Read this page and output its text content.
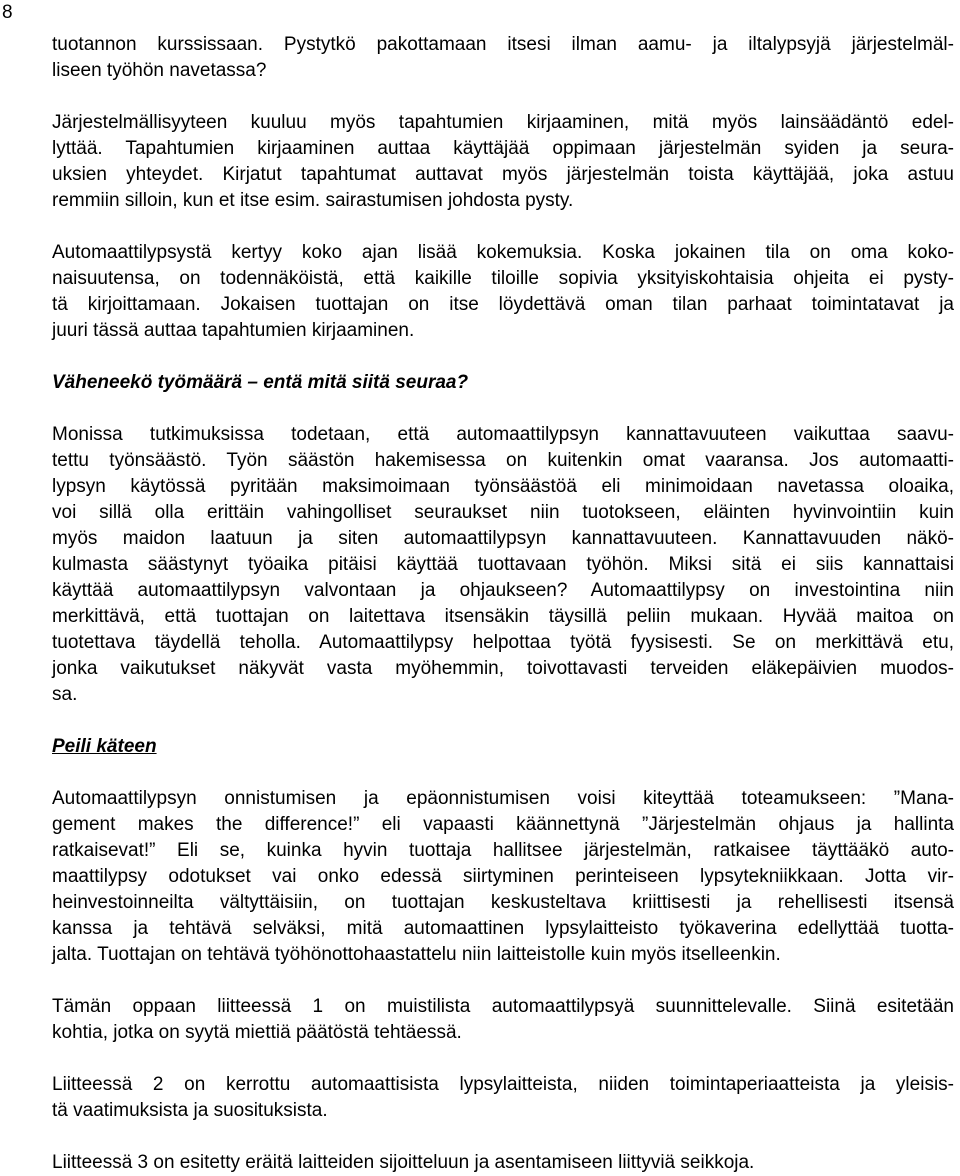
8
tuotannon kurssissaan. Pystytkö pakottamaan itsesi ilman aamu- ja iltalypsyjä järjestelmäl-
liseen työhön navetassa?
Järjestelmällisyyteen kuuluu myös tapahtumien kirjaaminen, mitä myös lainsäädäntö edel-
lyttää. Tapahtumien kirjaaminen auttaa käyttäjää oppimaan järjestelmän syiden ja seura-
uksien yhteydet. Kirjatut tapahtumat auttavat myös järjestelmän toista käyttäjää, joka astuu
remmiin silloin, kun et itse esim. sairastumisen johdosta pysty.
Automaattilypsystä kertyy koko ajan lisää kokemuksia. Koska jokainen tila on oma koko-
naisuutensa, on todennäköistä, että kaikille tiloille sopivia yksityiskohtaisia ohjeita ei pysty-
tä kirjoittamaan. Jokaisen tuottajan on itse löydettävä oman tilan parhaat toimintatavat ja
juuri tässä auttaa tapahtumien kirjaaminen.
Väheneekö työmäärä – entä mitä siitä seuraa?
Monissa tutkimuksissa todetaan, että automaattilypsyn kannattavuuteen vaikuttaa saavu-
tettu työnsäästö. Työn säästön hakemisessa on kuitenkin omat vaaransa. Jos automaatti-
lypsyn käytössä pyritään maksimoimaan työnsäästöä eli minimoidaan navetassa oloaika,
voi sillä olla erittäin vahingolliset seuraukset niin tuotokseen, eläinten hyvinvointiin kuin
myös maidon laatuun ja siten automaattilypsyn kannattavuuteen. Kannattavuuden näkö-
kulmasta säästynyt työaika pitäisi käyttää tuottavaan työhön. Miksi sitä ei siis kannattaisi
käyttää automaattilypsyn valvontaan ja ohjaukseen? Automaattilypsy on investointina niin
merkittävä, että tuottajan on laitettava itsensäkin täysillä peliin mukaan. Hyvää maitoa on
tuotettava täydellä teholla. Automaattilypsy helpottaa työtä fyysisesti. Se on merkittävä etu,
jonka vaikutukset näkyvät vasta myöhemmin, toivottavasti terveiden eläkepäivien muodos-
sa.
Peili käteen
Automaattilypsyn onnistumisen ja epäonnistumisen voisi kiteyttää toteamukseen: ”Mana-
gement makes the difference!” eli vapaasti käännettynä ”Järjestelmän ohjaus ja hallinta
ratkaisevat!” Eli se, kuinka hyvin tuottaja hallitsee järjestelmän, ratkaisee täyttääkö auto-
maattilypsy odotukset vai onko edessä siirtyminen perinteiseen lypsytekniikkaan. Jotta vir-
heinvestoinneilta vältyttäisiin, on tuottajan keskusteltava kriittisesti ja rehellisesti itsensä
kanssa ja tehtävä selväksi, mitä automaattinen lypsylaitteisto työkaverina edellyttää tuotta-
jalta. Tuottajan on tehtävä työhönottohaastattelu niin laitteistolle kuin myös itselleenkin.
Tämän oppaan liitteessä 1 on muistilista automaattilypsyä suunnittelevalle. Siinä esitetään
kohtia, jotka on syytä miettiä päätöstä tehtäessä.
Liitteessä 2 on kerrottu automaattisista lypsylaitteista, niiden toimintaperiaatteista ja yleisis-
tä vaatimuksista ja suosituksista.
Liitteessä 3 on esitetty eräitä laitteiden sijoitteluun ja asentamiseen liittyviä seikkoja.
